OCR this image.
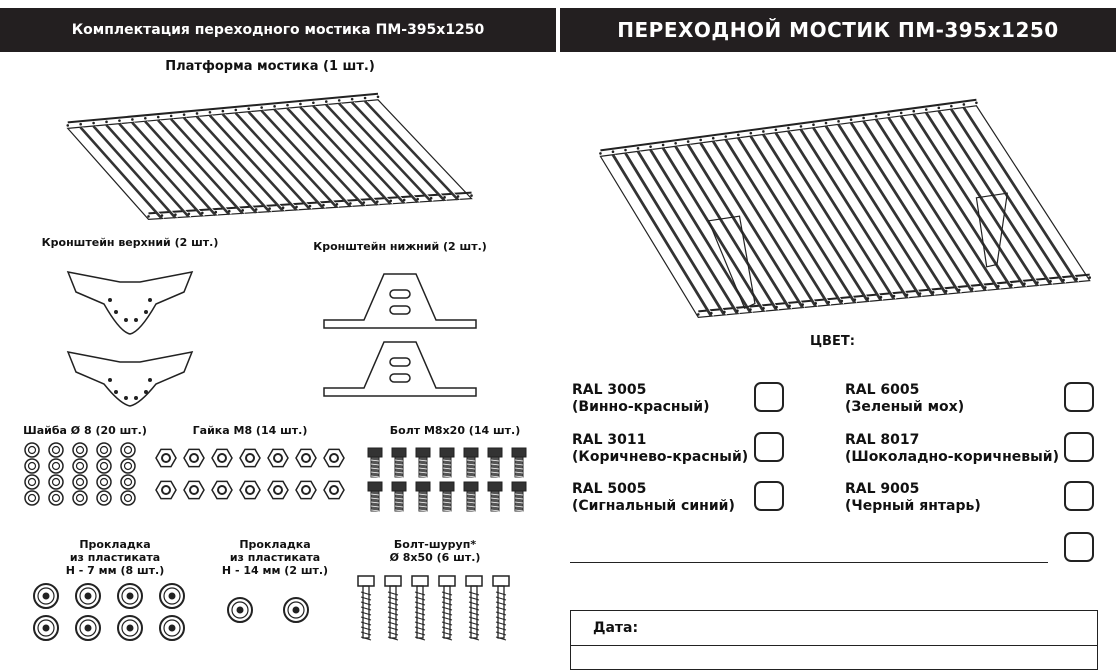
Комплектация переходного мостика ПМ-395x1250	ПЕРЕХОДНОЙ МОСТИК ПМ-395x1250
Платформа мостика (1 шт.)
Кронштейн верхний (2 шт.)	Кронштейн нижний (2 шт.)
Шайба Ø 8 (20 шт.)	Гайка М8 (14 шт.)	Болт М8x20 (14 шт.)
Прокладка
из пластиката
Н - 7 мм (8 шт.)
Прокладка
из пластиката
Н - 14 мм (2 шт.)
Болт-шуруп*
Ø 8x50 (6 шт.)
ЦВЕТ:
RAL 3005
(Винно-красный)
RAL 3011
(Коричнево-красный)
RAL 5005
(Сигнальный синий)
RAL 6005
(Зеленый мох)
RAL 8017
(Шоколадно-коричневый)
RAL 9005
(Черный янтарь)
Дата:
